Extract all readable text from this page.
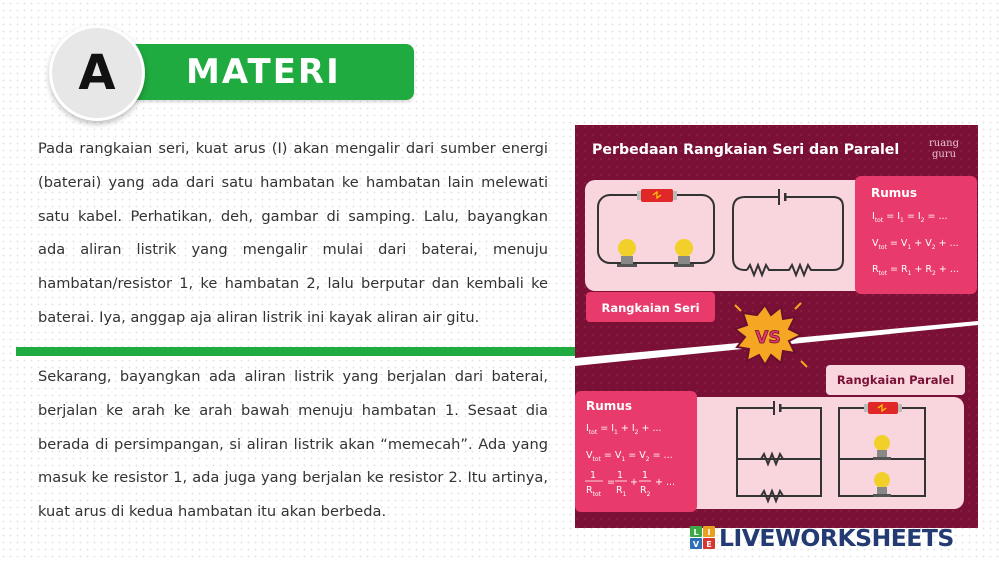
MATERI
A

Pada rangkaian seri, kuat arus (I) akan mengalir dari sumber energi (baterai) yang ada dari satu hambatan ke hambatan lain melewati satu kabel. Perhatikan, deh, gambar di samping. Lalu, bayangkan ada aliran listrik yang mengalir mulai dari baterai, menuju hambatan/resistor 1, ke hambatan 2, lalu berputar dan kembali ke baterai. Iya, anggap aja aliran listrik ini kayak aliran air gitu.

Sekarang, bayangkan ada aliran listrik yang berjalan dari baterai, berjalan ke arah ke arah bawah menuju hambatan 1. Sesaat dia berada di persimpangan, si aliran listrik akan “memecah”. Ada yang masuk ke resistor 1, ada juga yang berjalan ke resistor 2. Itu artinya, kuat arus di kedua hambatan itu akan berbeda.

Perbedaan Rangkaian Seri dan Paralel	ruang
guru
Rumus
$I_{tot} = I_1 = I_2$ = ...
$V_{tot} = V_1 + V_2$ + ...
$R_{tot} = R_1 + R_2$ + ...
Rangkaian Seri
VS
Rangkaian Paralel
Rumus
$I_{tot} = I_1 + I_2$ + ...
$V_{tot} = V_1 = V_2$ = ...
1
$R_{tot}$
=
1
$R_1$
+
1
$R_2$
+ ...
L I
V E LIVEWORKSHEETS
